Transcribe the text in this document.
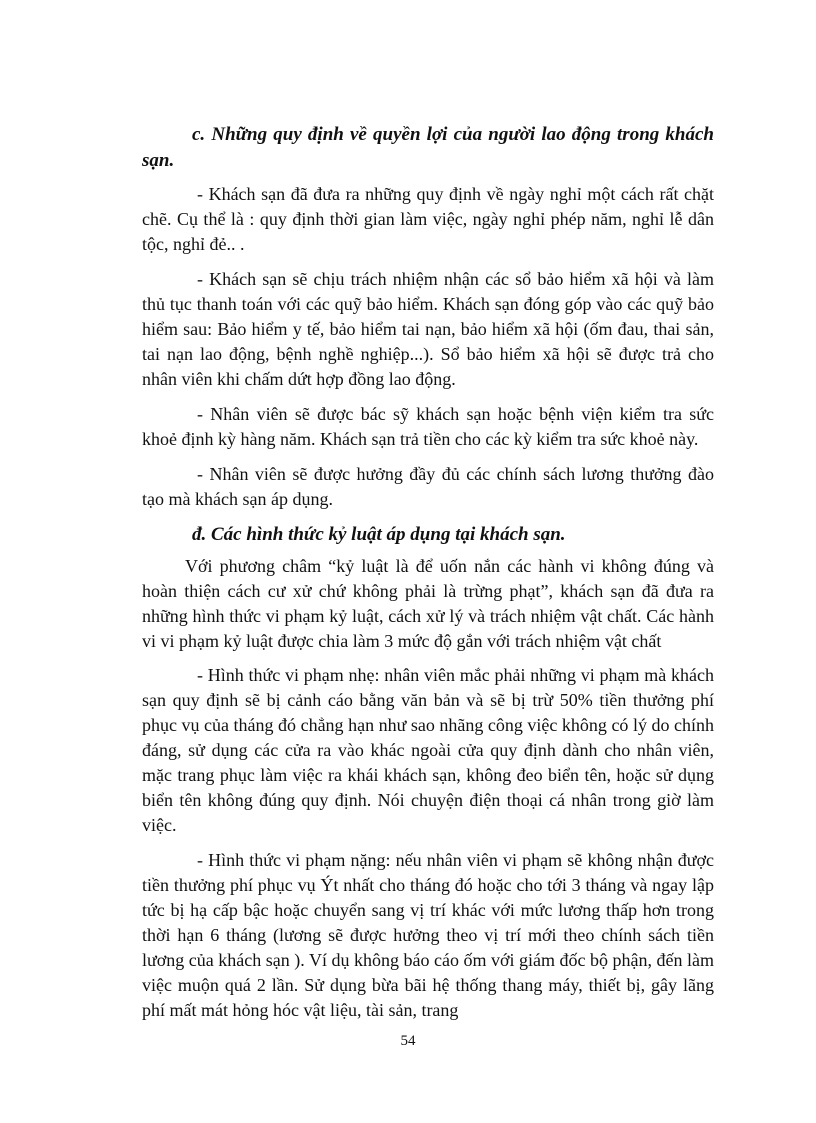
c. Những quy định về quyền lợi của người lao động trong khách sạn.

- Khách sạn đã đưa ra những quy định về ngày nghỉ một cách rất chặt chẽ. Cụ thể là : quy định thời gian làm việc, ngày nghỉ phép năm, nghỉ lễ dân tộc, nghỉ đẻ.. .

- Khách sạn sẽ chịu trách nhiệm nhận các sổ bảo hiểm xã hội và làm thủ tục thanh toán với các quỹ bảo hiểm. Khách sạn đóng góp vào các quỹ bảo hiểm sau: Bảo hiểm y tế, bảo hiểm tai nạn, bảo hiểm xã hội (ốm đau, thai sản, tai nạn lao động, bệnh nghề nghiệp...). Sổ bảo hiểm xã hội sẽ được trả cho nhân viên khi chấm dứt hợp đồng lao động.

- Nhân viên sẽ được bác sỹ khách sạn hoặc bệnh viện kiểm tra sức khoẻ định kỳ hàng năm. Khách sạn trả tiền cho các kỳ kiểm tra sức khoẻ này.

- Nhân viên sẽ được hưởng đầy đủ các chính sách lương thưởng đào tạo mà khách sạn áp dụng.

đ. Các hình thức kỷ luật áp dụng tại khách sạn.

Với phương châm “kỷ luật là để uốn nắn các hành vi không đúng và hoàn thiện cách cư xử chứ không phải là trừng phạt”, khách sạn đã đưa ra những hình thức vi phạm kỷ luật, cách xử lý và trách nhiệm vật chất. Các hành vi vi phạm kỷ luật được chia làm 3 mức độ gắn với trách nhiệm vật chất

- Hình thức vi phạm nhẹ: nhân viên mắc phải những vi phạm mà khách sạn quy định sẽ bị cảnh cáo bằng văn bản và sẽ bị trừ 50% tiền thưởng phí phục vụ của tháng đó chẳng hạn như sao nhãng công việc không có lý do chính đáng, sử dụng các cửa ra vào khác ngoài cửa quy định dành cho nhân viên, mặc trang phục làm việc ra khái khách sạn, không đeo biển tên, hoặc sử dụng biển tên không đúng quy định. Nói chuyện điện thoại cá nhân trong giờ làm việc.

- Hình thức vi phạm nặng: nếu nhân viên vi phạm sẽ không nhận được tiền thưởng phí phục vụ Ýt nhất cho tháng đó hoặc cho tới 3 tháng và ngay lập tức bị hạ cấp bậc hoặc chuyển sang vị trí khác với mức lương thấp hơn trong thời hạn 6 tháng (lương sẽ được hưởng theo vị trí mới theo chính sách tiền lương của khách sạn ). Ví dụ không báo cáo ốm với giám đốc bộ phận, đến làm việc muộn quá 2 lần. Sử dụng bừa bãi hệ thống thang máy, thiết bị, gây lãng phí mất mát hỏng hóc vật liệu, tài sản, trang

54
